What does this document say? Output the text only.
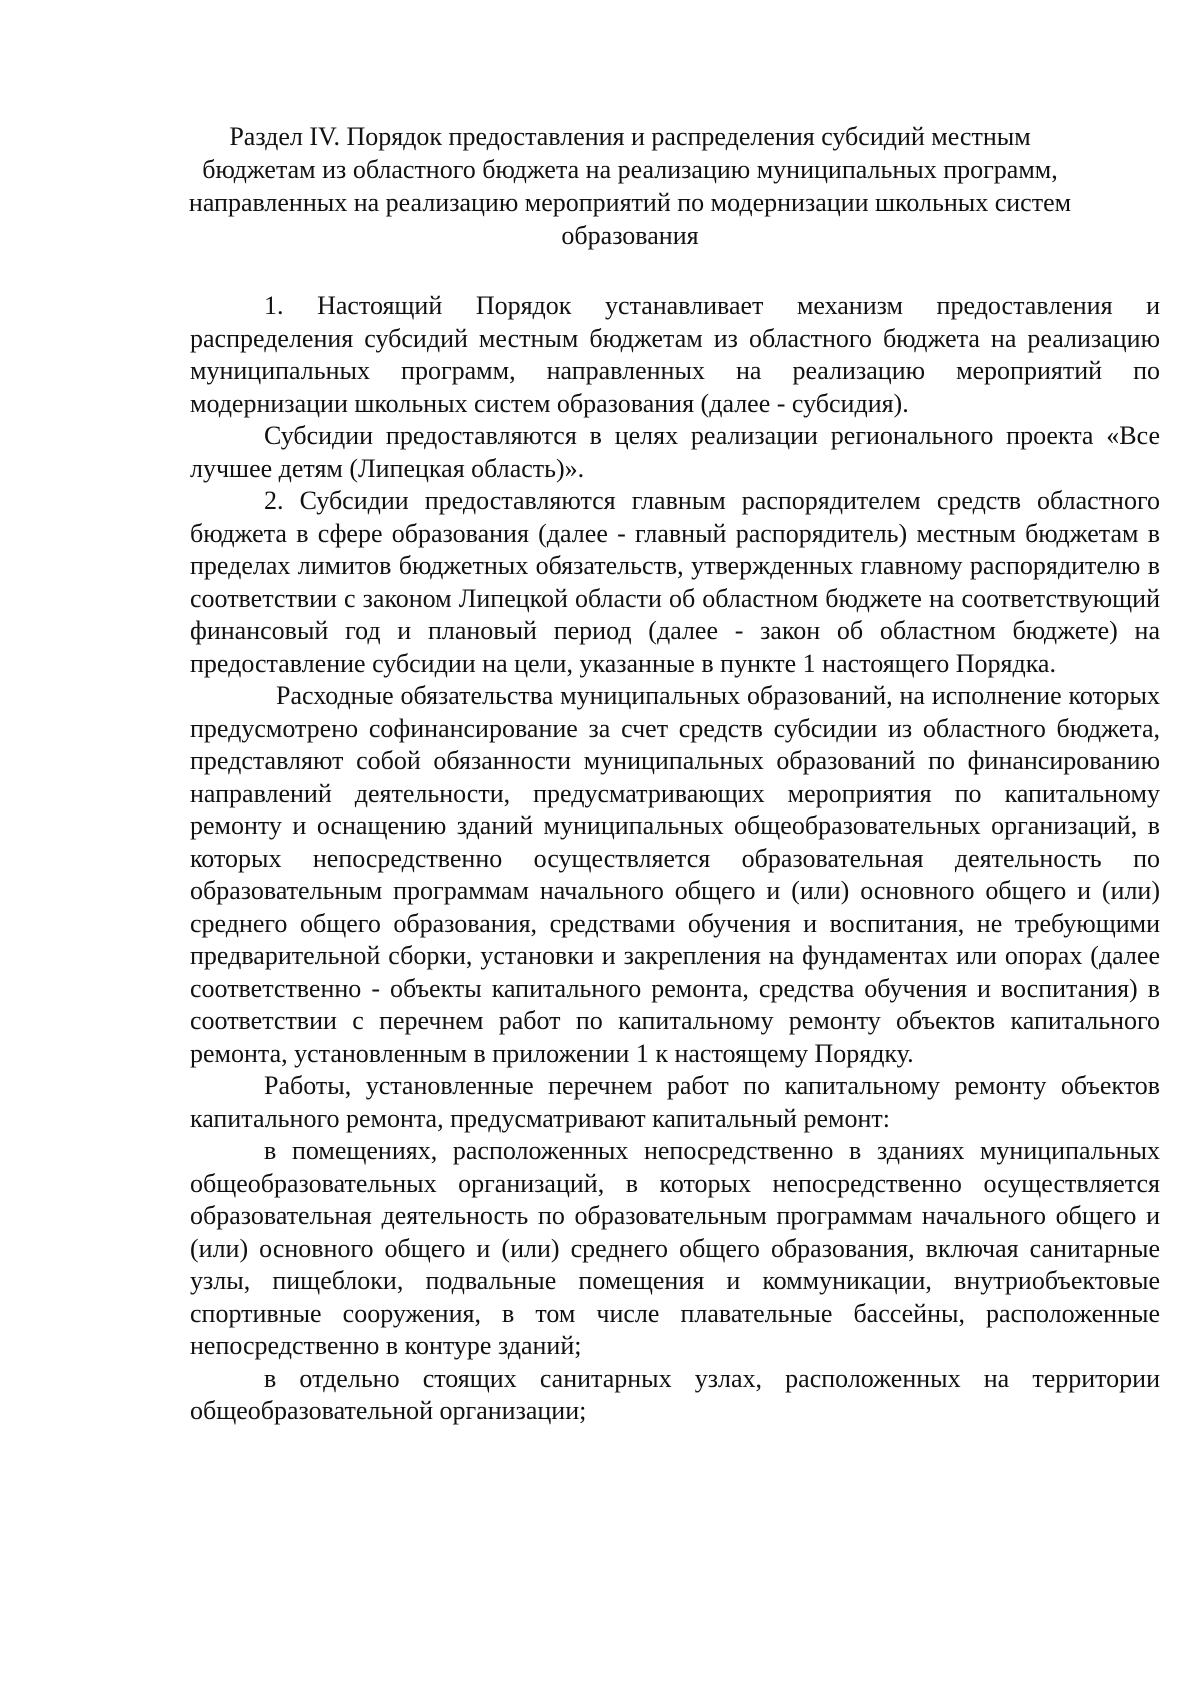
Раздел IV. Порядок предоставления и распределения субсидий местным
бюджетам из областного бюджета на реализацию муниципальных программ,
направленных на реализацию мероприятий по модернизации школьных систем
образования

1. Настоящий Порядок устанавливает механизм предоставления и распределения субсидий местным бюджетам из областного бюджета на реализацию муниципальных программ, направленных на реализацию мероприятий по модернизации школьных систем образования (далее - субсидия).

Субсидии предоставляются в целях реализации регионального проекта «Все лучшее детям (Липецкая область)».

2. Субсидии предоставляются главным распорядителем средств областного бюджета в сфере образования (далее - главный распорядитель) местным бюджетам в пределах лимитов бюджетных обязательств, утвержденных главному распорядителю в соответствии с законом Липецкой области об областном бюджете на соответствующий финансовый год и плановый период (далее - закон об областном бюджете) на предоставление субсидии на цели, указанные в пункте 1 настоящего Порядка.

Расходные обязательства муниципальных образований, на исполнение которых предусмотрено софинансирование за счет средств субсидии из областного бюджета, представляют собой обязанности муниципальных образований по финансированию направлений деятельности, предусматривающих мероприятия по капитальному ремонту и оснащению зданий муниципальных общеобразовательных организаций, в которых непосредственно осуществляется образовательная деятельность по образовательным программам начального общего и (или) основного общего и (или) среднего общего образования, средствами обучения и воспитания, не требующими предварительной сборки, установки и закрепления на фундаментах или опорах (далее соответственно - объекты капитального ремонта, средства обучения и воспитания) в соответствии с перечнем работ по капитальному ремонту объектов капитального ремонта, установленным в приложении 1 к настоящему Порядку.

Работы, установленные перечнем работ по капитальному ремонту объектов капитального ремонта, предусматривают капитальный ремонт:

в помещениях, расположенных непосредственно в зданиях муниципальных общеобразовательных организаций, в которых непосредственно осуществляется образовательная деятельность по образовательным программам начального общего и (или) основного общего и (или) среднего общего образования, включая санитарные узлы, пищеблоки, подвальные помещения и коммуникации, внутриобъектовые спортивные сооружения, в том числе плавательные бассейны, расположенные непосредственно в контуре зданий;

в отдельно стоящих санитарных узлах, расположенных на территории общеобразовательной организации;
